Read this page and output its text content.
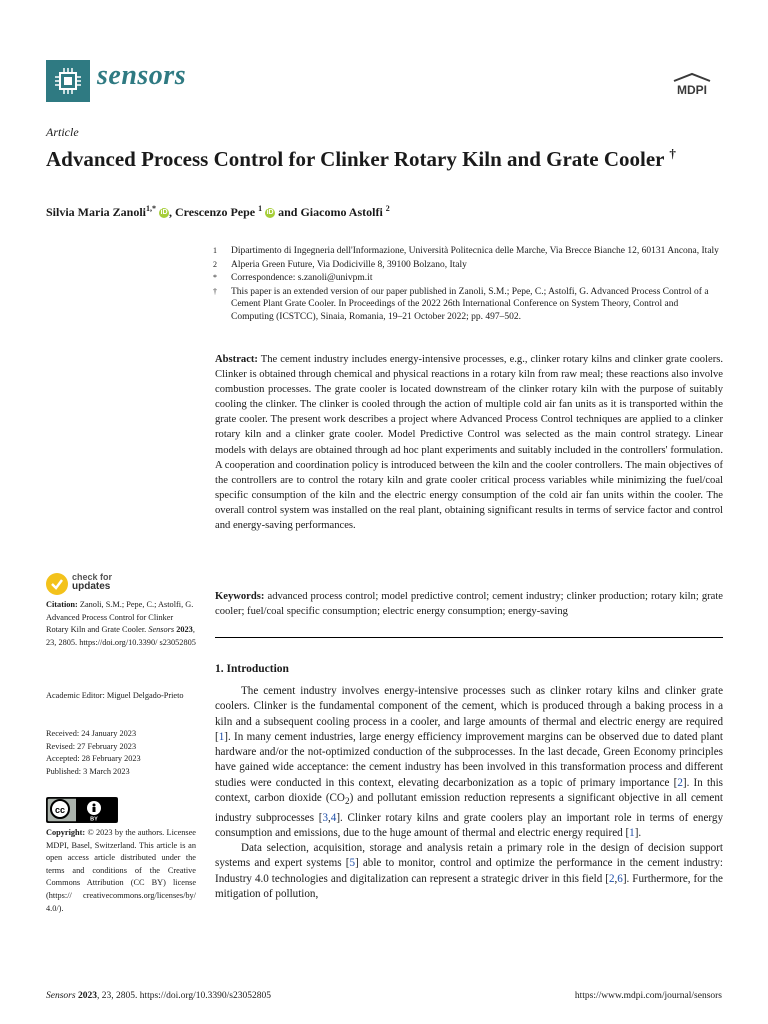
sensors	MDPI
Article
Advanced Process Control for Clinker Rotary Kiln and Grate Cooler †
Silvia Maria Zanoli$^{1,*}$ iD , Crescenzo Pepe $^1$ iD and Giacomo Astolfi $^2$
1	Dipartimento di Ingegneria dell'Informazione, Università Politecnica delle Marche, Via Brecce Bianche 12, 60131 Ancona, Italy
2	Alperia Green Future, Via Dodiciville 8, 39100 Bolzano, Italy
*	Correspondence: s.zanoli@univpm.it
†	This paper is an extended version of our paper published in Zanoli, S.M.; Pepe, C.; Astolfi, G. Advanced Process Control of a Cement Plant Grate Cooler. In Proceedings of the 2022 26th International Conference on System Theory, Control and Computing (ICSTCC), Sinaia, Romania, 19–21 October 2022; pp. 497–502.
Abstract: The cement industry includes energy-intensive processes, e.g., clinker rotary kilns and clinker grate coolers. Clinker is obtained through chemical and physical reactions in a rotary kiln from raw meal; these reactions also involve combustion processes. The grate cooler is located downstream of the clinker rotary kiln with the purpose of suitably cooling the clinker. The clinker is cooled through the action of multiple cold air fan units as it is transported within the grate cooler. The present work describes a project where Advanced Process Control techniques are applied to a clinker rotary kiln and a clinker grate cooler. Model Predictive Control was selected as the main control strategy. Linear models with delays are obtained through ad hoc plant experiments and suitably included in the controllers' formulation. A cooperation and coordination policy is introduced between the kiln and the cooler controllers. The main objectives of the controllers are to control the rotary kiln and grate cooler critical process variables while minimizing the fuel/coal specific consumption of the kiln and the electric energy consumption of the cold air fan units within the cooler. The overall control system was installed on the real plant, obtaining significant results in terms of service factor and control and energy-saving performances.
Keywords: advanced process control; model predictive control; cement industry; clinker production; rotary kiln; grate cooler; fuel/coal specific consumption; electric energy consumption; energy-saving
1. Introduction

The cement industry involves energy-intensive processes such as clinker rotary kilns and clinker grate coolers. Clinker is the fundamental component of the cement, which is produced through a baking process in a kiln and a subsequent cooling process in a cooler, and large amounts of thermal and electric energy are required [1]. In many cement industries, large energy efficiency improvement margins can be observed due to dated plant hardware and/or the not-optimized conduction of the subprocesses. In the last decade, Green Economy principles have gained wide acceptance: the cement industry has been involved in this transformation process and different studies were conducted in this context, elevating decarbonization as a topic of primary importance [2]. In this context, carbon dioxide $(CO_2)$ and pollutant emission reduction represents a significant objective in all cement industry subprocesses [3,4]. Clinker rotary kilns and grate coolers play an important role in terms of energy consumption and emissions, due to the huge amount of thermal and electric energy required [1].

Data selection, acquisition, storage and analysis retain a primary role in the design of decision support systems and expert systems [5] able to monitor, control and optimize the performance in the cement industry: Industry 4.0 technologies and digitalization can represent a strategic driver in this field [2,6]. Furthermore, for the mitigation of pollution,

check for
updates
Citation: Zanoli, S.M.; Pepe, C.; Astolfi, G. Advanced Process Control for Clinker Rotary Kiln and Grate Cooler. Sensors 2023, 23, 2805. https://doi.org/10.3390/ s23052805
Academic Editor: Miguel Delgado-Prieto
Received: 24 January 2023
Revised: 27 February 2023
Accepted: 28 February 2023
Published: 3 March 2023
cc
BY
Copyright: © 2023 by the authors. Licensee MDPI, Basel, Switzerland. This article is an open access article distributed under the terms and conditions of the Creative Commons Attribution (CC BY) license (https:// creativecommons.org/licenses/by/ 4.0/).
Sensors 2023, 23, 2805. https://doi.org/10.3390/s23052805	https://www.mdpi.com/journal/sensors
